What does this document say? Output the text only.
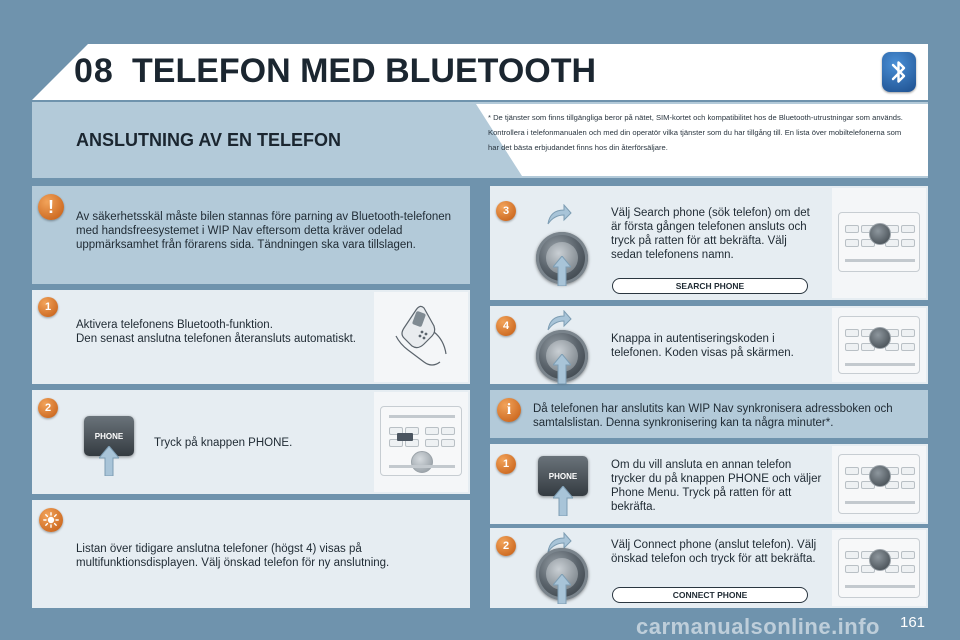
08 TELEFON MED BLUETOOTH
ANSLUTNING AV EN TELEFON
* De tjänster som finns tillgängliga beror på nätet, SIM-kortet och kompatibilitet hos de Bluetooth-utrustningar som används. Kontrollera i telefonmanualen och med din operatör vilka tjänster som du har tillgång till. En lista över mobiltelefonerna som har det bästa erbjudandet finns hos din återförsäljare.
!
Av säkerhetsskäl måste bilen stannas före parning av Bluetooth-telefonen med handsfreesystemet i WIP Nav eftersom detta kräver odelad uppmärksamhet från förarens sida. Tändningen ska vara tillslagen.
1
Aktivera telefonens Bluetooth-funktion.
Den senast anslutna telefonen återansluts automatiskt.
2
PHONE
Tryck på knappen PHONE.
Listan över tidigare anslutna telefoner (högst 4) visas på multifunktionsdisplayen. Välj önskad telefon för ny anslutning.
3	Välj Search phone (sök telefon) om det är första gången telefonen ansluts och tryck på ratten för att bekräfta. Välj sedan telefonens namn.
SEARCH PHONE
4
Knappa in autentiseringskoden i telefonen. Koden visas på skärmen.
i	Då telefonen har anslutits kan WIP Nav synkronisera adressboken och samtalslistan. Denna synkronisering kan ta några minuter*.
1
PHONE
Om du vill ansluta en annan telefon trycker du på knappen PHONE och väljer Phone Menu. Tryck på ratten för att bekräfta.
2	Välj Connect phone (anslut telefon). Välj önskad telefon och tryck för att bekräfta.
CONNECT PHONE
carmanualsonline.info 161
